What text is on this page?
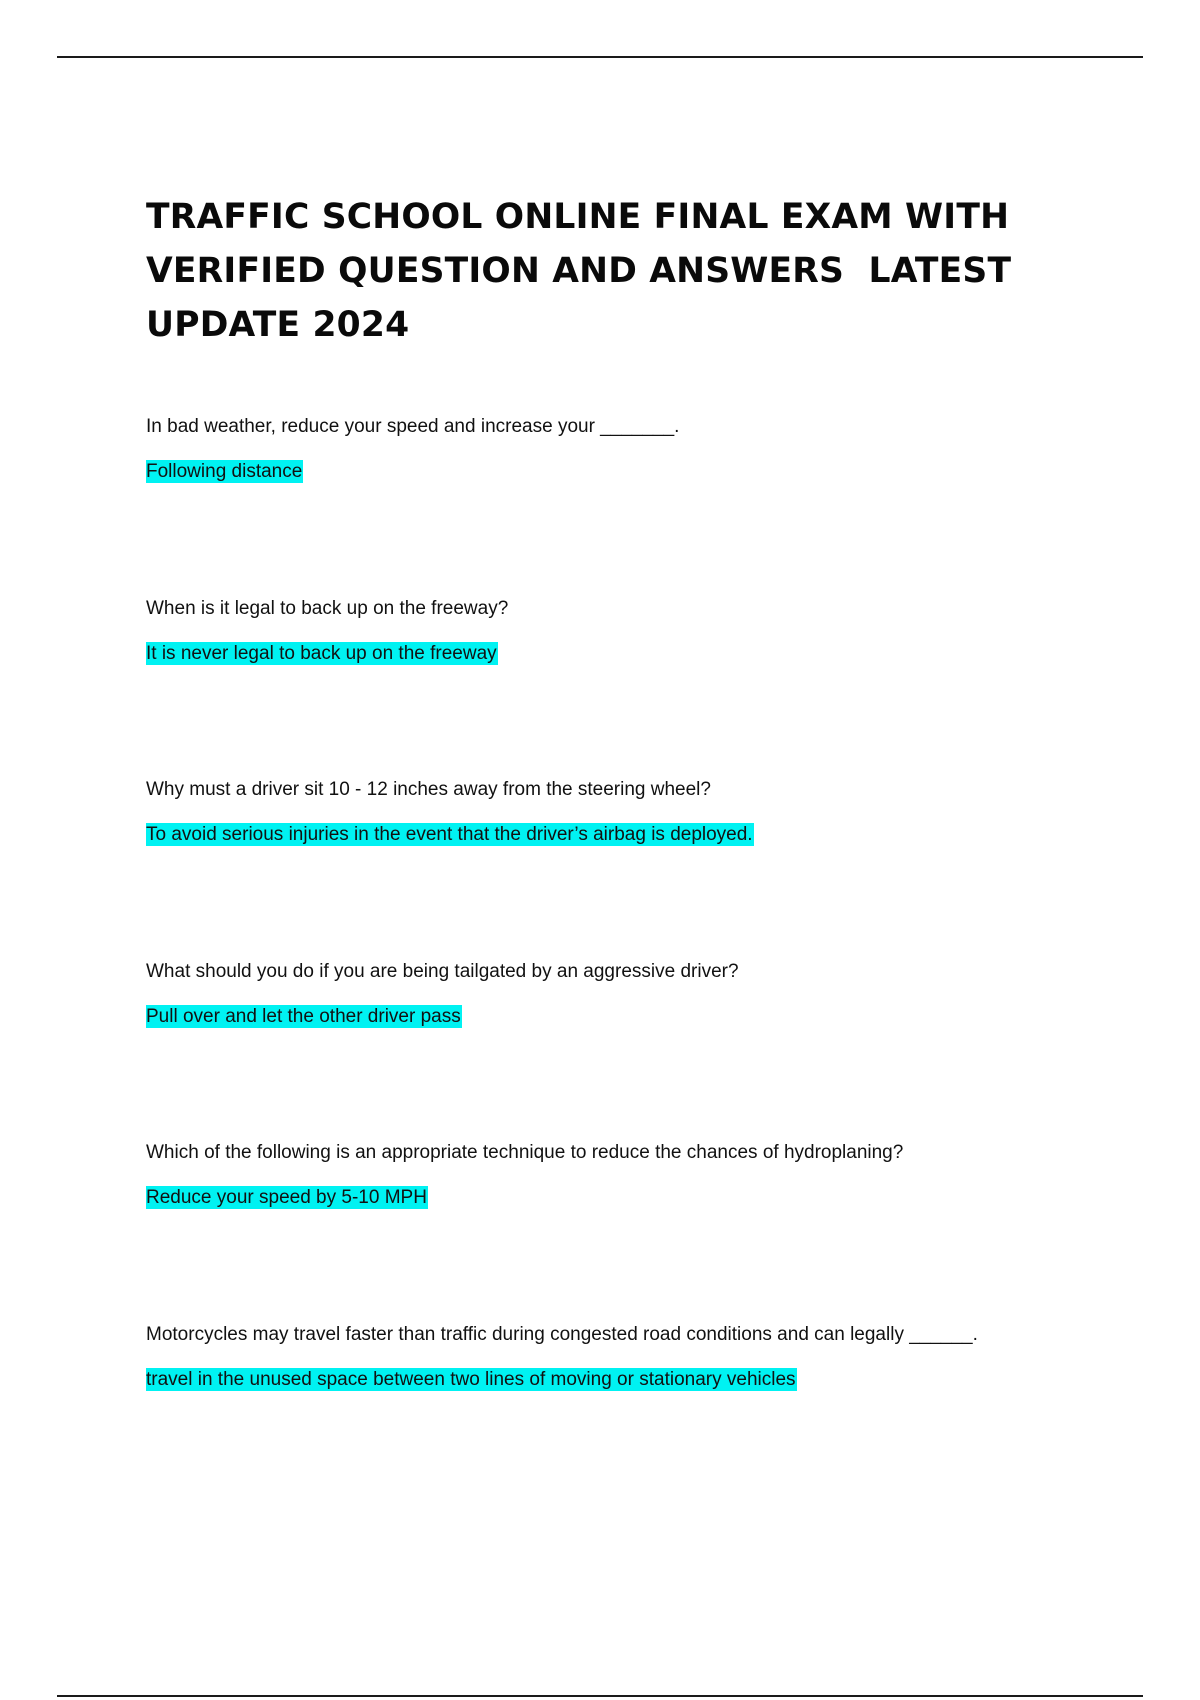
TRAFFIC SCHOOL ONLINE FINAL EXAM WITH VERIFIED QUESTION AND ANSWERS  LATEST UPDATE 2024

In bad weather, reduce your speed and increase your _______.

Following distance

When is it legal to back up on the freeway?

It is never legal to back up on the freeway

Why must a driver sit 10 - 12 inches away from the steering wheel?

To avoid serious injuries in the event that the driver’s airbag is deployed.

What should you do if you are being tailgated by an aggressive driver?

Pull over and let the other driver pass

Which of the following is an appropriate technique to reduce the chances of hydroplaning?

Reduce your speed by 5-10 MPH

Motorcycles may travel faster than traffic during congested road conditions and can legally ______.

travel in the unused space between two lines of moving or stationary vehicles
